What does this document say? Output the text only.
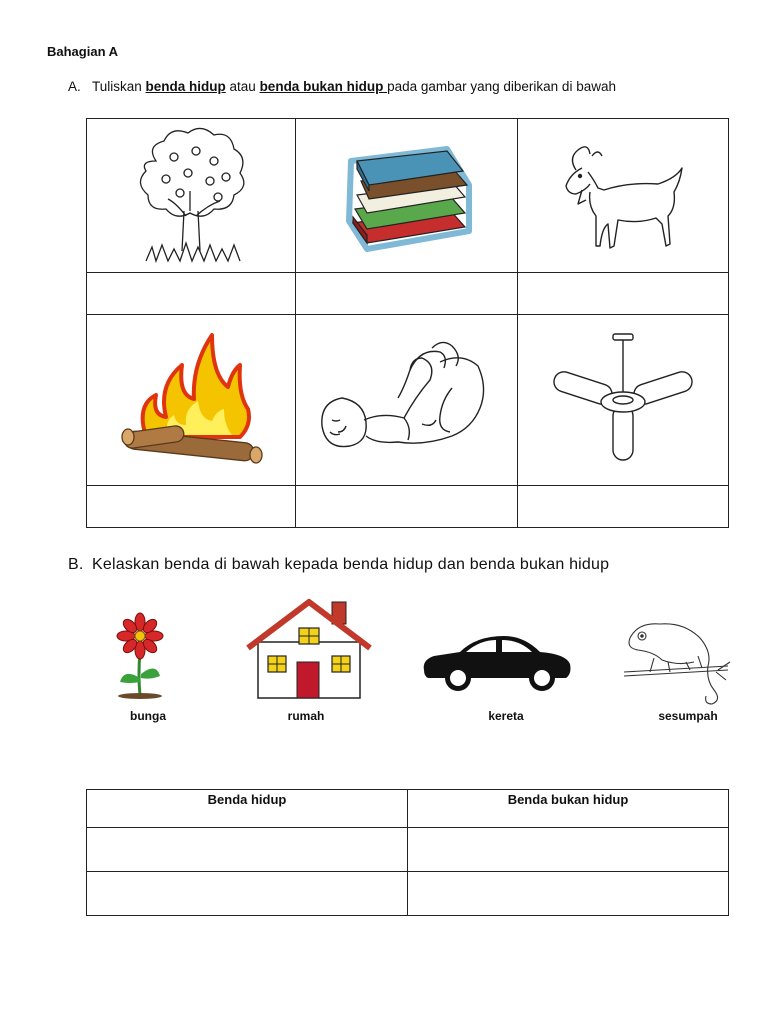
Bahagian A
A. Tuliskan benda hidup atau benda bukan hidup pada gambar yang diberikan di bawah

B. Kelaskan benda di bawah kepada benda hidup dan benda bukan hidup
bunga	rumah	kereta	sesumpah
Benda hidup	Benda bukan hidup
